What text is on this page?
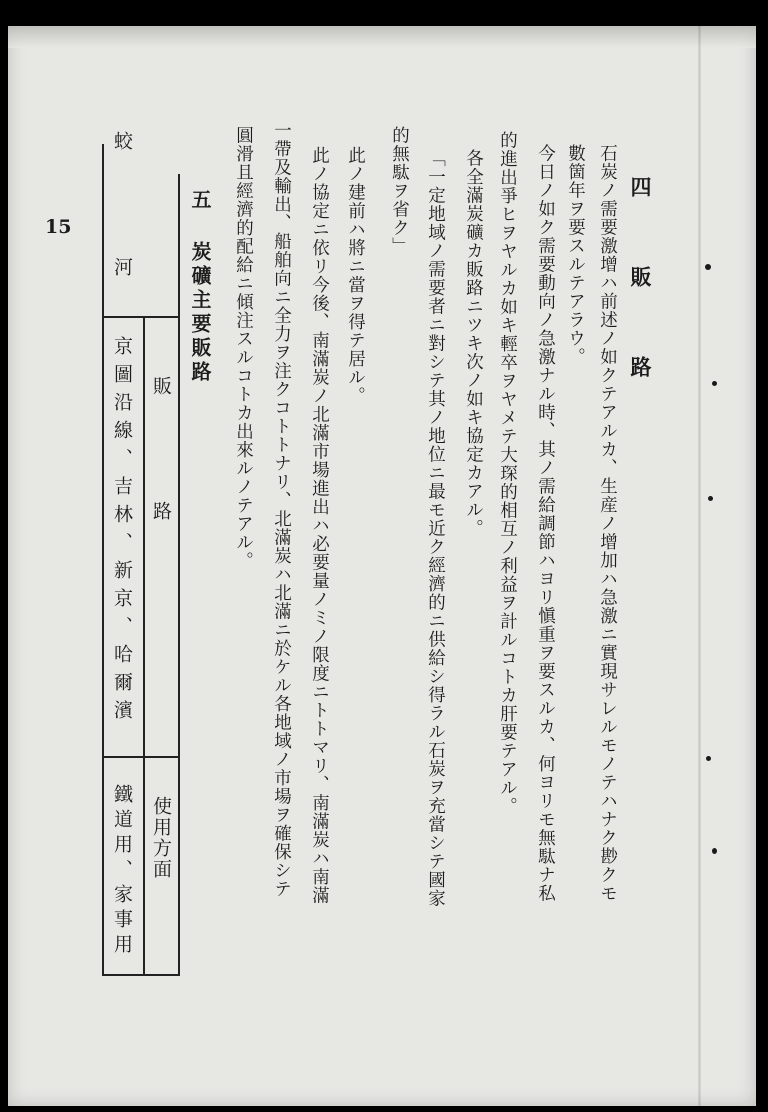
15	四 販 路
石炭ノ需要激增ハ前述ノ如クテアルカ、生産ノ增加ハ急激ニ實現サレルモノテハナク尠クモ
數箇年ヲ要スルテアラウ。
今日ノ如ク需要動向ノ急激ナル時、其ノ需給調節ハヨリ愼重ヲ要スルカ、何ヨリモ無駄ナ私
的進出爭ヒヲヤルカ如キ輕卒ヲヤメテ大琛的相互ノ利益ヲ計ルコトカ肝要テアル。
各全滿炭礦カ販路ニツキ次ノ如キ協定カアル。
「一定地域ノ需要者ニ對シテ其ノ地位ニ最モ近ク經濟的ニ供給シ得ラル石炭ヲ充當シテ國家
的無駄ヲ省ク」
此ノ建前ハ將ニ當ヲ得テ居ル。
此ノ協定ニ依リ今後、南滿炭ノ北滿市場進出ハ必要量ノミノ限度ニトトマリ、南滿炭ハ南滿
一帶及輸出、船舶向ニ全力ヲ注クコトトナリ、北滿炭ハ北滿ニ於ケル各地域ノ市場ヲ確保シテ
圓滑且經濟的配給ニ傾注スルコトカ出來ルノテアル。
五 炭礦主要販路
販　　　　路
使用方面
蛟　河
京圖沿線、吉林、新京、哈爾濱
鐵道用、家事用
